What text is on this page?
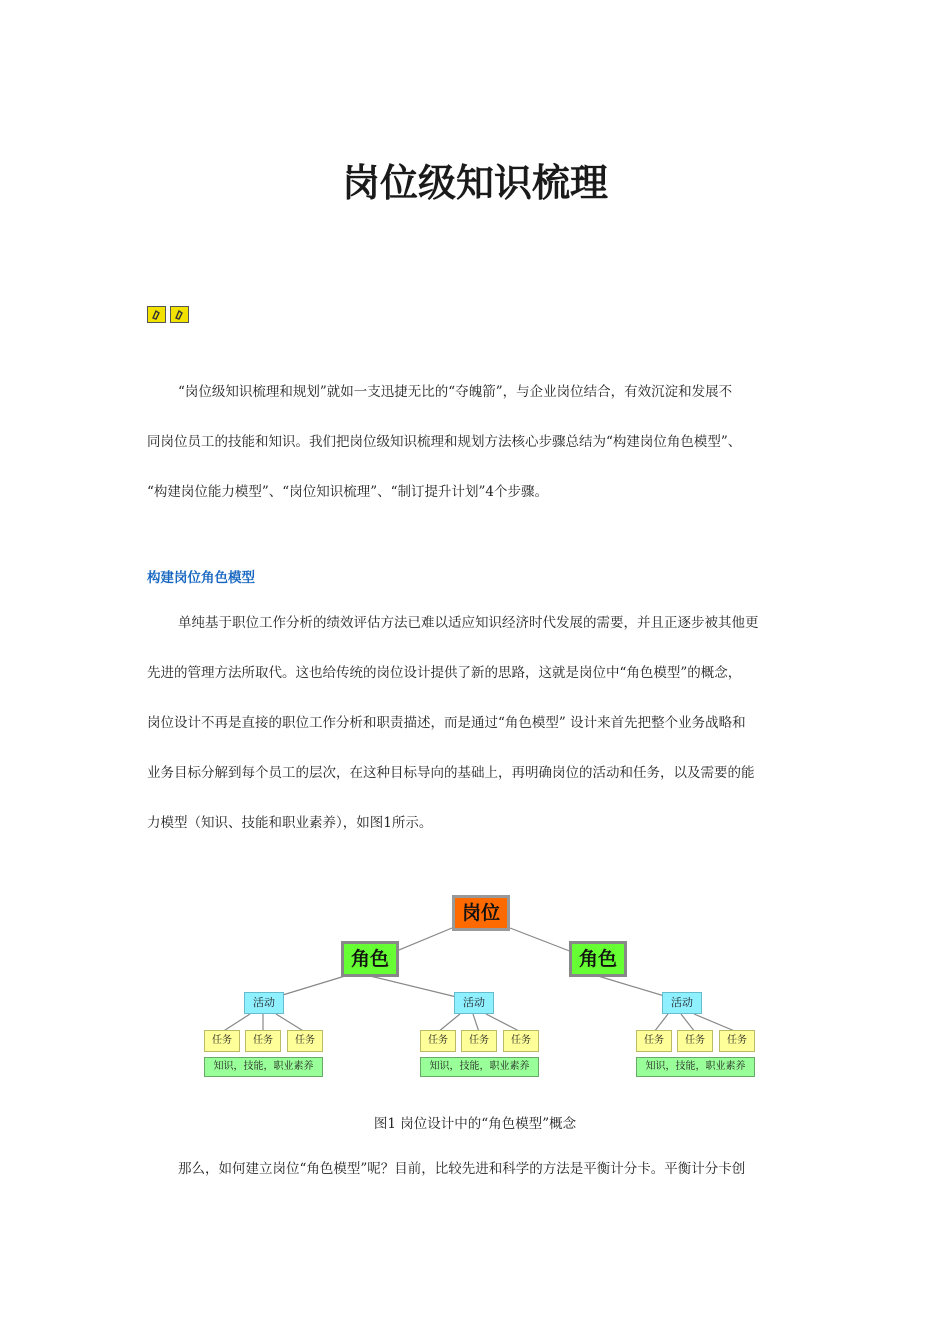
岗位级知识梳理

“岗位级知识梳理和规划”就如一支迅捷无比的“夺魄箭”，与企业岗位结合，有效沉淀和发展不
同岗位员工的技能和知识。我们把岗位级知识梳理和规划方法核心步骤总结为“构建岗位角色模型”、
“构建岗位能力模型”、“岗位知识梳理”、“制订提升计划”4个步骤。

构建岗位角色模型

单纯基于职位工作分析的绩效评估方法已难以适应知识经济时代发展的需要，并且正逐步被其他更
先进的管理方法所取代。这也给传统的岗位设计提供了新的思路，这就是岗位中“角色模型”的概念，
岗位设计不再是直接的职位工作分析和职责描述，而是通过“角色模型” 设计来首先把整个业务战略和
业务目标分解到每个员工的层次，在这种目标导向的基础上，再明确岗位的活动和任务，以及需要的能
力模型（知识、技能和职业素养），如图1所示。

岗位
角色	角色
活动	活动	活动
任务	任务	任务	任务	任务	任务	任务	任务	任务
知识，技能，职业素养	知识，技能，职业素养	知识，技能，职业素养

图1 岗位设计中的“角色模型”概念

那么，如何建立岗位“角色模型”呢？目前，比较先进和科学的方法是平衡计分卡。平衡计分卡创
